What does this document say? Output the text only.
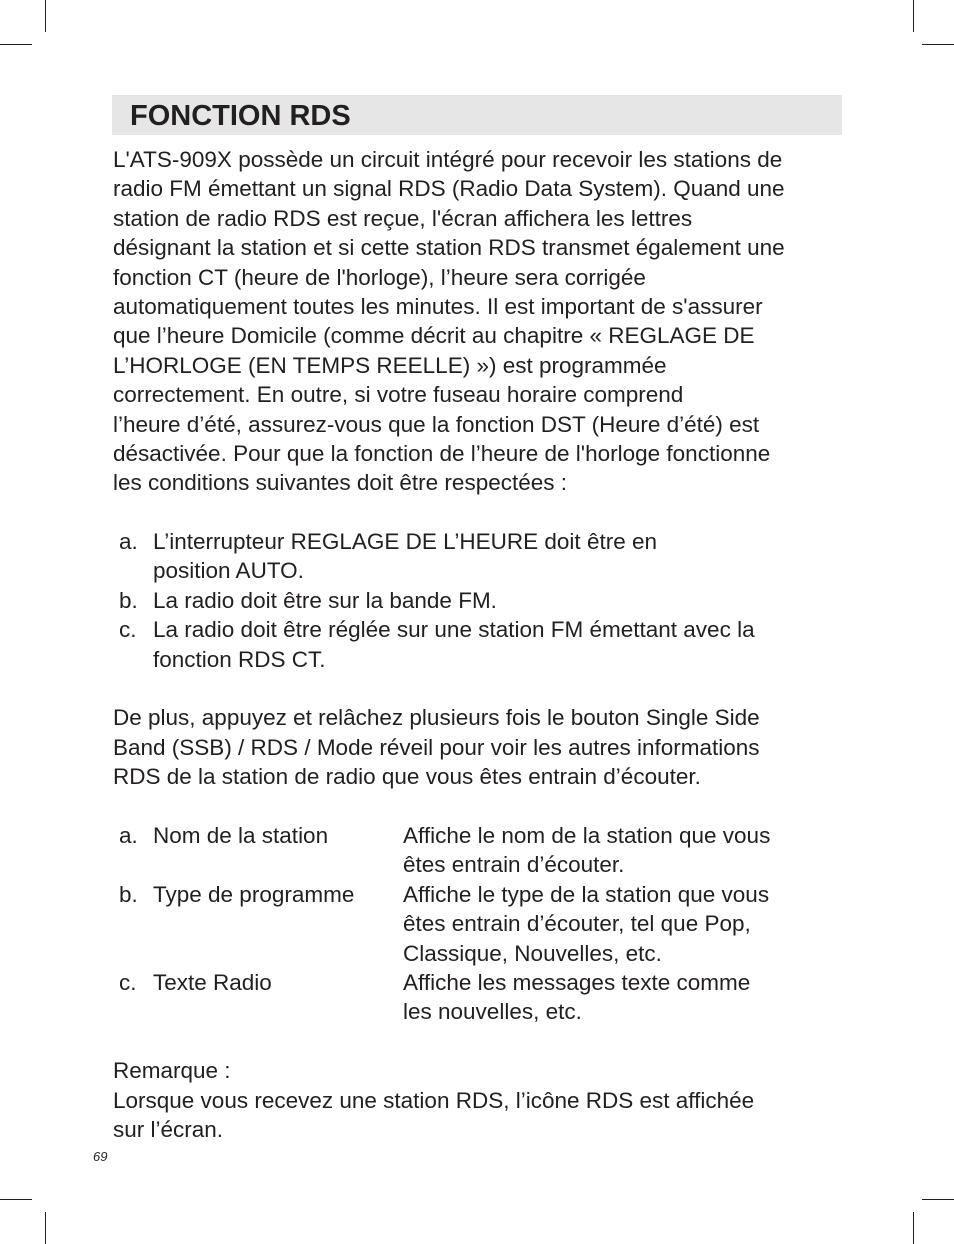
FONCTION RDS
L'ATS-909X possède un circuit intégré pour recevoir les stations de
radio FM émettant un signal RDS (Radio Data System). Quand une
station de radio RDS est reçue, l'écran affichera les lettres
désignant la station et si cette station RDS transmet également une
fonction CT (heure de l'horloge), l’heure sera corrigée
automatiquement toutes les minutes. Il est important de s'assurer
que l’heure Domicile (comme décrit au chapitre « REGLAGE DE
L’HORLOGE (EN TEMPS REELLE) ») est programmée
correctement. En outre, si votre fuseau horaire comprend
l’heure d’été, assurez-vous que la fonction DST (Heure d’été) est
désactivée. Pour que la fonction de l’heure de l'horloge fonctionne
les conditions suivantes doit être respectées :
a. L’interrupteur REGLAGE DE L’HEURE doit être en
position AUTO.
b. La radio doit être sur la bande FM.
c. La radio doit être réglée sur une station FM émettant avec la
fonction RDS CT.
De plus, appuyez et relâchez plusieurs fois le bouton Single Side
Band (SSB) / RDS / Mode réveil pour voir les autres informations
RDS de la station de radio que vous êtes entrain d’écouter.
a. Nom de la station	Affiche le nom de la station que vous
êtes entrain d’écouter.
b. Type de programme Affiche le type de la station que vous
êtes entrain d’écouter, tel que Pop,
Classique, Nouvelles, etc.
c. Texte Radio	Affiche les messages texte comme
les nouvelles, etc.
Remarque :
Lorsque vous recevez une station RDS, l’icône RDS est affichée
sur l’écran.
69
